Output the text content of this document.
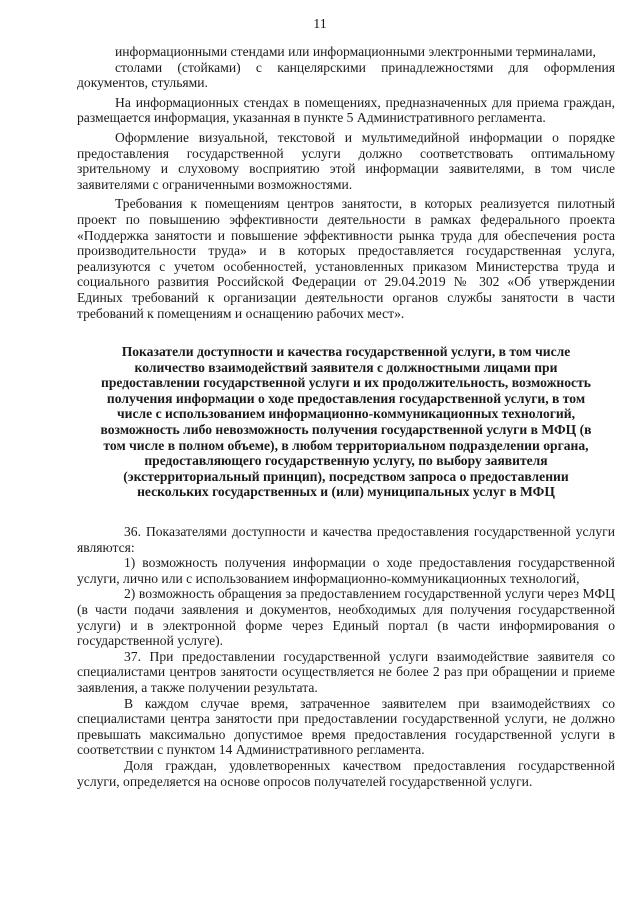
11

информационными стендами или информационными электронными терминалами,

столами (стойками) с канцелярскими принадлежностями для оформления документов, стульями.

На информационных стендах в помещениях, предназначенных для приема граждан, размещается информация, указанная в пункте 5 Административного регламента.

Оформление визуальной, текстовой и мультимедийной информации о порядке предоставления государственной услуги должно соответствовать оптимальному зрительному и слуховому восприятию этой информации заявителями, в том числе заявителями с ограниченными возможностями.

Требования к помещениям центров занятости, в которых реализуется пилотный проект по повышению эффективности деятельности в рамках федерального проекта «Поддержка занятости и повышение эффективности рынка труда для обеспечения роста производительности труда» и в которых предоставляется государственная услуга, реализуются с учетом особенностей, установленных приказом Министерства труда и социального развития Российской Федерации от 29.04.2019 № 302 «Об утверждении Единых требований к организации деятельности органов службы занятости в части требований к помещениям и оснащению рабочих мест».

Показатели доступности и качества государственной услуги, в том числе количество взаимодействий заявителя с должностными лицами при предоставлении государственной услуги и их продолжительность, возможность получения информации о ходе предоставления государственной услуги, в том числе с использованием информационно-коммуникационных технологий, возможность либо невозможность получения государственной услуги в МФЦ (в том числе в полном объеме), в любом территориальном подразделении органа, предоставляющего государственную услугу, по выбору заявителя (экстерриториальный принцип), посредством запроса о предоставлении нескольких государственных и (или) муниципальных услуг в МФЦ

36. Показателями доступности и качества предоставления государственной услуги являются:

1) возможность получения информации о ходе предоставления государственной услуги, лично или с использованием информационно-коммуникационных технологий,

2) возможность обращения за предоставлением государственной услуги через МФЦ (в части подачи заявления и документов, необходимых для получения государственной услуги) и в электронной форме через Единый портал (в части информирования о государственной услуге).

37. При предоставлении государственной услуги взаимодействие заявителя со специалистами центров занятости осуществляется не более 2 раз при обращении и приеме заявления, а также получении результата.

В каждом случае время, затраченное заявителем при взаимодействиях со специалистами центра занятости при предоставлении государственной услуги, не должно превышать максимально допустимое время предоставления государственной услуги в соответствии с пунктом 14 Административного регламента.

Доля граждан, удовлетворенных качеством предоставления государственной услуги, определяется на основе опросов получателей государственной услуги.
